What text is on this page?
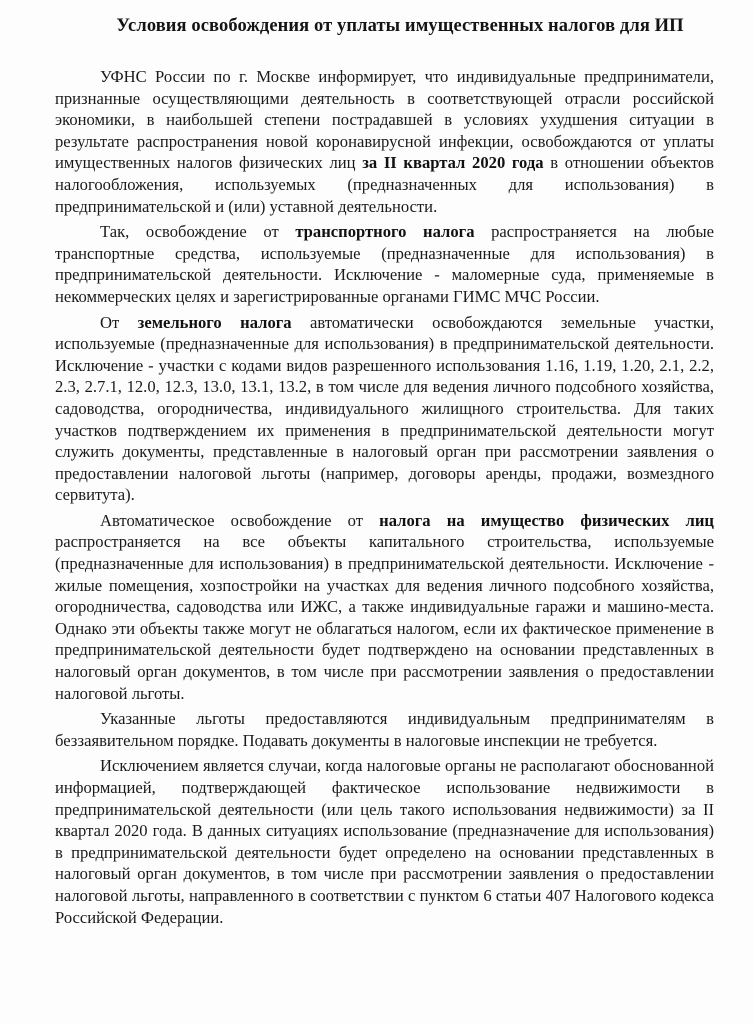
Условия освобождения от уплаты имущественных налогов для ИП

УФНС России по г. Москве информирует, что индивидуальные предприниматели, признанные осуществляющими деятельность в соответствующей отрасли российской экономики, в наибольшей степени пострадавшей в условиях ухудшения ситуации в результате распространения новой коронавирусной инфекции, освобождаются от уплаты имущественных налогов физических лиц за II квартал 2020 года в отношении объектов налогообложения, используемых (предназначенных для использования) в предпринимательской и (или) уставной деятельности.

Так, освобождение от транспортного налога распространяется на любые транспортные средства, используемые (предназначенные для использования) в предпринимательской деятельности. Исключение - маломерные суда, применяемые в некоммерческих целях и зарегистрированные органами ГИМС МЧС России.

От земельного налога автоматически освобождаются земельные участки, используемые (предназначенные для использования) в предпринимательской деятельности. Исключение - участки с кодами видов разрешенного использования 1.16, 1.19, 1.20, 2.1, 2.2, 2.3, 2.7.1, 12.0, 12.3, 13.0, 13.1, 13.2, в том числе для ведения личного подсобного хозяйства, садоводства, огородничества, индивидуального жилищного строительства. Для таких участков подтверждением их применения в предпринимательской деятельности могут служить документы, представленные в налоговый орган при рассмотрении заявления о предоставлении налоговой льготы (например, договоры аренды, продажи, возмездного сервитута).

Автоматическое освобождение от налога на имущество физических лиц распространяется на все объекты капитального строительства, используемые (предназначенные для использования) в предпринимательской деятельности. Исключение - жилые помещения, хозпостройки на участках для ведения личного подсобного хозяйства, огородничества, садоводства или ИЖС, а также индивидуальные гаражи и машино-места. Однако эти объекты также могут не облагаться налогом, если их фактическое применение в предпринимательской деятельности будет подтверждено на основании представленных в налоговый орган документов, в том числе при рассмотрении заявления о предоставлении налоговой льготы.

Указанные льготы предоставляются индивидуальным предпринимателям в беззаявительном порядке. Подавать документы в налоговые инспекции не требуется.

Исключением является случаи, когда налоговые органы не располагают обоснованной информацией, подтверждающей фактическое использование недвижимости в предпринимательской деятельности (или цель такого использования недвижимости) за II квартал 2020 года. В данных ситуациях использование (предназначение для использования) в предпринимательской деятельности будет определено на основании представленных в налоговый орган документов, в том числе при рассмотрении заявления о предоставлении налоговой льготы, направленного в соответствии с пунктом 6 статьи 407 Налогового кодекса Российской Федерации.
